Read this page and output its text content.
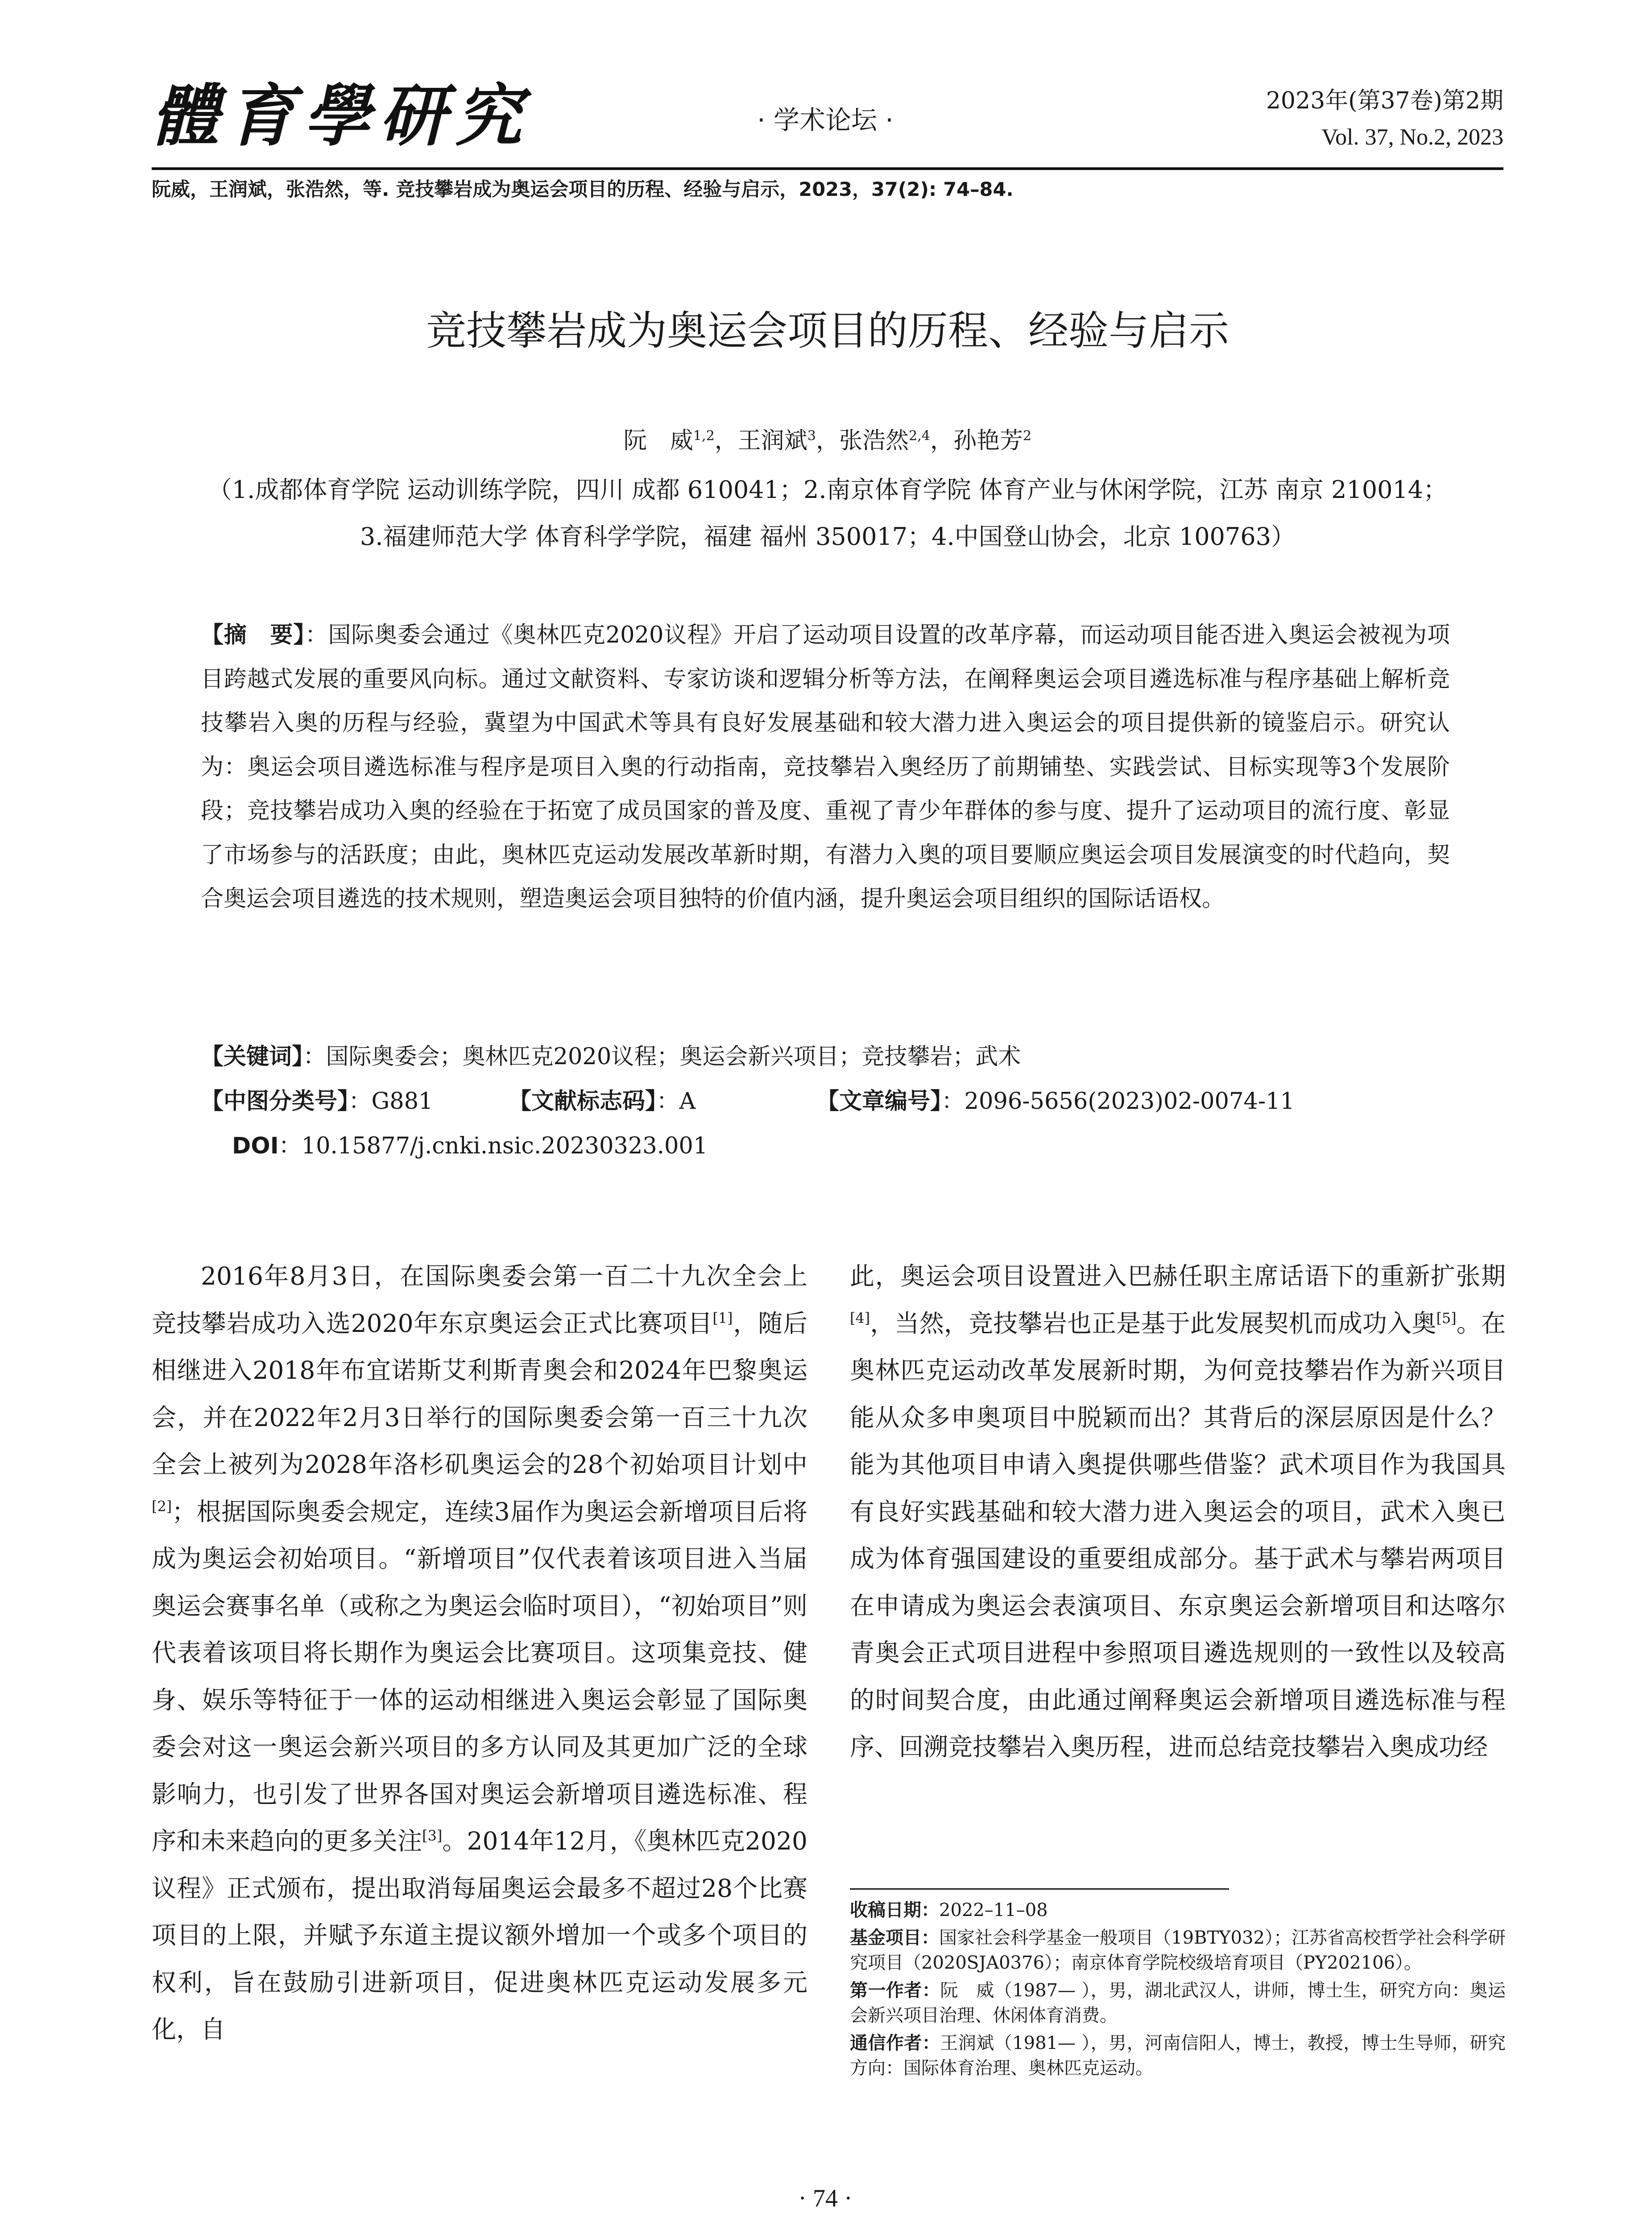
體育學研究	· 学术论坛 ·
2023年(第37卷)第2期
Vol. 37, No.2, 2023
阮威，王润斌，张浩然，等. 竞技攀岩成为奥运会项目的历程、经验与启示，2023，37(2): 74–84.
竞技攀岩成为奥运会项目的历程、经验与启示
阮　威$^{1,2}$，王润斌$^3$，张浩然$^{2,4}$，孙艳芳$^2$
（1.成都体育学院 运动训练学院，四川 成都 610041；2.南京体育学院 体育产业与休闲学院，江苏 南京 210014；
3.福建师范大学 体育科学学院，福建 福州 350017；4.中国登山协会，北京 100763）
【摘　要】：国际奥委会通过《奥林匹克2020议程》开启了运动项目设置的改革序幕，而运动项目能否进入奥运会被视为项目跨越式发展的重要风向标。通过文献资料、专家访谈和逻辑分析等方法，在阐释奥运会项目遴选标准与程序基础上解析竞技攀岩入奥的历程与经验，冀望为中国武术等具有良好发展基础和较大潜力进入奥运会的项目提供新的镜鉴启示。研究认为：奥运会项目遴选标准与程序是项目入奥的行动指南，竞技攀岩入奥经历了前期铺垫、实践尝试、目标实现等3个发展阶段；竞技攀岩成功入奥的经验在于拓宽了成员国家的普及度、重视了青少年群体的参与度、提升了运动项目的流行度、彰显了市场参与的活跃度；由此，奥林匹克运动发展改革新时期，有潜力入奥的项目要顺应奥运会项目发展演变的时代趋向，契合奥运会项目遴选的技术规则，塑造奥运会项目独特的价值内涵，提升奥运会项目组织的国际话语权。
【关键词】：国际奥委会；奥林匹克2020议程；奥运会新兴项目；竞技攀岩；武术
【中图分类号】：G881	【文献标志码】：A	【文章编号】：2096-5656(2023)02-0074-11
DOI：10.15877/j.cnki.nsic.20230323.001
2016年8月3日，在国际奥委会第一百二十九次全会上竞技攀岩成功入选2020年东京奥运会正式比赛项目[1]，随后相继进入2018年布宜诺斯艾利斯青奥会和2024年巴黎奥运会，并在2022年2月3日举行的国际奥委会第一百三十九次全会上被列为2028年洛杉矶奥运会的28个初始项目计划中[2]；根据国际奥委会规定，连续3届作为奥运会新增项目后将成为奥运会初始项目。“新增项目”仅代表着该项目进入当届奥运会赛事名单（或称之为奥运会临时项目），“初始项目”则代表着该项目将长期作为奥运会比赛项目。这项集竞技、健身、娱乐等特征于一体的运动相继进入奥运会彰显了国际奥委会对这一奥运会新兴项目的多方认同及其更加广泛的全球影响力，也引发了世界各国对奥运会新增项目遴选标准、程序和未来趋向的更多关注[3]。2014年12月，《奥林匹克2020议程》正式颁布，提出取消每届奥运会最多不超过28个比赛项目的上限，并赋予东道主提议额外增加一个或多个项目的权利，旨在鼓励引进新项目，促进奥林匹克运动发展多元化，自
此，奥运会项目设置进入巴赫任职主席话语下的重新扩张期[4]，当然，竞技攀岩也正是基于此发展契机而成功入奥[5]。在奥林匹克运动改革发展新时期，为何竞技攀岩作为新兴项目能从众多申奥项目中脱颖而出？其背后的深层原因是什么？能为其他项目申请入奥提供哪些借鉴？武术项目作为我国具有良好实践基础和较大潜力进入奥运会的项目，武术入奥已成为体育强国建设的重要组成部分。基于武术与攀岩两项目在申请成为奥运会表演项目、东京奥运会新增项目和达喀尔青奥会正式项目进程中参照项目遴选规则的一致性以及较高的时间契合度，由此通过阐释奥运会新增项目遴选标准与程序、回溯竞技攀岩入奥历程，进而总结竞技攀岩入奥成功经

收稿日期：2022–11–08

基金项目：国家社会科学基金一般项目（19BTY032）；江苏省高校哲学社会科学研究项目（2020SJA0376）；南京体育学院校级培育项目（PY202106）。

第一作者：阮　威（1987— ），男，湖北武汉人，讲师，博士生，研究方向：奥运会新兴项目治理、休闲体育消费。

通信作者：王润斌（1981— ），男，河南信阳人，博士，教授，博士生导师，研究方向：国际体育治理、奥林匹克运动。

· 74 ·
